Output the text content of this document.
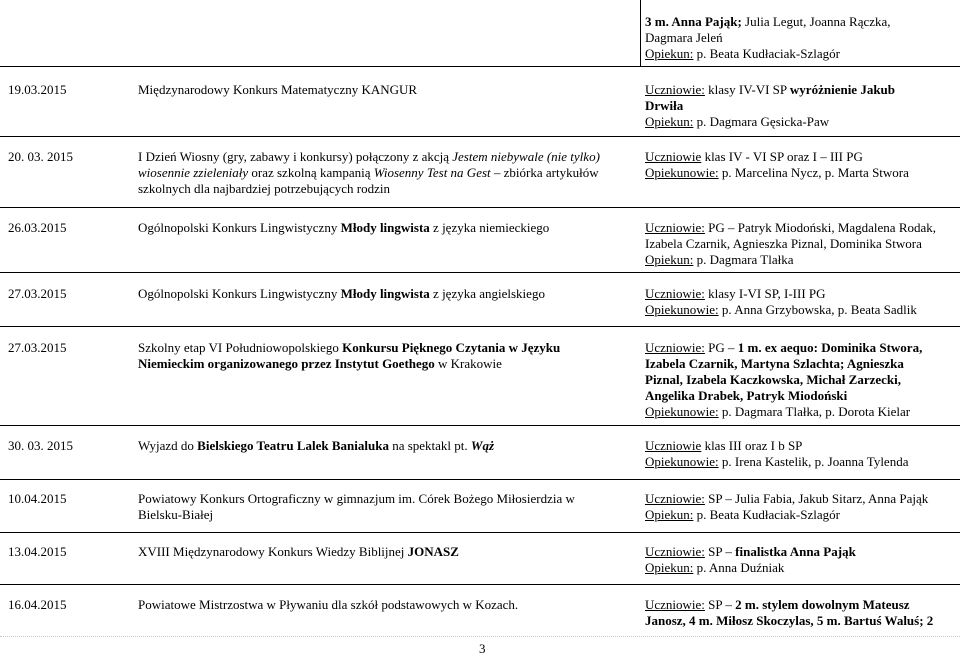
3 m. Anna Pająk; Julia Legut, Joanna Rączka,
Dagmara Jeleń
Opiekun: p. Beata Kudłaciak-Szlagór
19.03.2015	Międzynarodowy Konkurs Matematyczny KANGUR	Uczniowie: klasy IV-VI SP wyróżnienie Jakub
Drwiła
Opiekun: p. Dagmara Gęsicka-Paw
20. 03. 2015	I Dzień Wiosny (gry, zabawy i konkursy) połączony z akcją Jestem niebywale (nie tylko)
wiosennie zzieleniały oraz szkolną kampanią Wiosenny Test na Gest – zbiórka artykułów
szkolnych dla najbardziej potrzebujących rodzin
Uczniowie klas IV - VI SP oraz I – III PG
Opiekunowie: p. Marcelina Nycz, p. Marta Stwora
26.03.2015	Ogólnopolski Konkurs Lingwistyczny Młody lingwista z języka niemieckiego	Uczniowie: PG – Patryk Miodoński, Magdalena Rodak,
Izabela Czarnik, Agnieszka Piznal, Dominika Stwora
Opiekun: p. Dagmara Tlałka
27.03.2015	Ogólnopolski Konkurs Lingwistyczny Młody lingwista z języka angielskiego	Uczniowie: klasy I-VI SP, I-III PG
Opiekunowie: p. Anna Grzybowska, p. Beata Sadlik
27.03.2015	Szkolny etap VI Południowopolskiego Konkursu Pięknego Czytania w Języku
Niemieckim organizowanego przez Instytut Goethego w Krakowie
Uczniowie: PG – 1 m. ex aequo: Dominika Stwora,
Izabela Czarnik, Martyna Szlachta; Agnieszka
Piznal, Izabela Kaczkowska, Michał Zarzecki,
Angelika Drabek, Patryk Miodoński
Opiekunowie: p. Dagmara Tlałka, p. Dorota Kielar
30. 03. 2015	Wyjazd do Bielskiego Teatru Lalek Banialuka na spektakl pt. Wąż	Uczniowie klas III oraz I b SP
Opiekunowie: p. Irena Kastelik, p. Joanna Tylenda
10.04.2015	Powiatowy Konkurs Ortograficzny w gimnazjum im. Córek Bożego Miłosierdzia w
Bielsku-Białej
Uczniowie: SP – Julia Fabia, Jakub Sitarz, Anna Pająk
Opiekun: p. Beata Kudłaciak-Szlagór
13.04.2015	XVIII Międzynarodowy Konkurs Wiedzy Biblijnej JONASZ	Uczniowie: SP – finalistka Anna Pająk
Opiekun: p. Anna Duźniak
16.04.2015	Powiatowe Mistrzostwa w Pływaniu dla szkół podstawowych w Kozach.	Uczniowie: SP – 2 m. stylem dowolnym Mateusz
Janosz, 4 m. Miłosz Skoczylas, 5 m. Bartuś Waluś; 2
3
